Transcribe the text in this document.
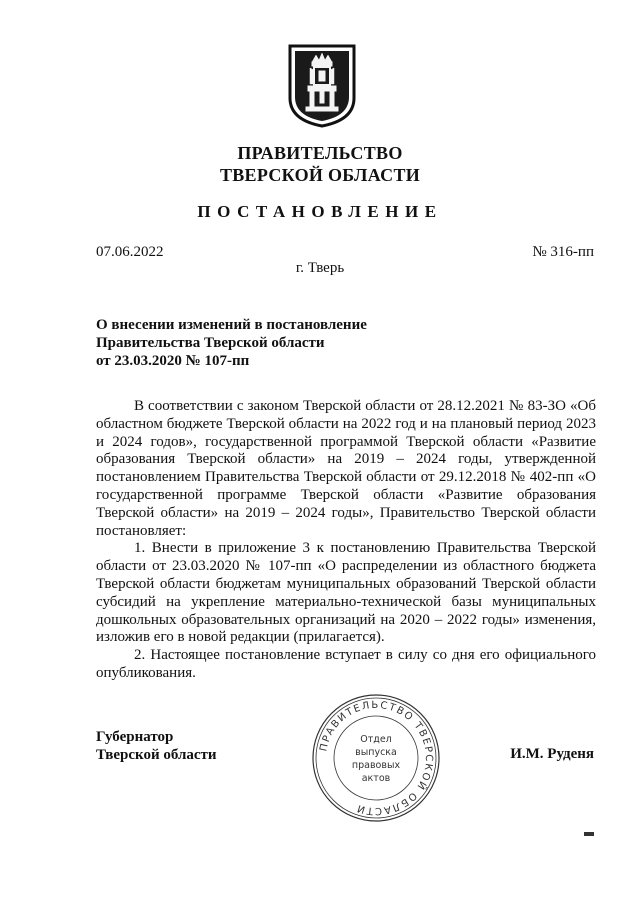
ПРАВИТЕЛЬСТВО
ТВЕРСКОЙ ОБЛАСТИ
ПОСТАНОВЛЕНИЕ
07.06.2022	№ 316-пп
г. Тверь
О внесении изменений в постановление
Правительства Тверской области
от 23.03.2020 № 107-пп

В соответствии с законом Тверской области от 28.12.2021 № 83-ЗО «Об областном бюджете Тверской области на 2022 год и на плановый период 2023 и 2024 годов», государственной программой Тверской области «Развитие образования Тверской области» на 2019 – 2024 годы, утвержденной постановлением Правительства Тверской области от 29.12.2018 № 402-пп «О государственной программе Тверской области «Развитие образования Тверской области» на 2019 – 2024 годы», Правительство Тверской области постановляет:

1. Внести в приложение 3 к постановлению Правительства Тверской области от 23.03.2020 № 107-пп «О распределении из областного бюджета Тверской области бюджетам муниципальных образований Тверской области субсидий на укрепление материально-технической базы муниципальных дошкольных образовательных организаций на 2020 – 2022 годы» изменения, изложив его в новой редакции (прилагается).

2. Настоящее постановление вступает в силу со дня его официального опубликования.

Губернатор
Тверской области	И.М. Руденя
ПРАВИТЕЛЬСТВО ТВЕРСКОЙ ОБЛАСТИ
Отдел
выпуска
правовых
актов
